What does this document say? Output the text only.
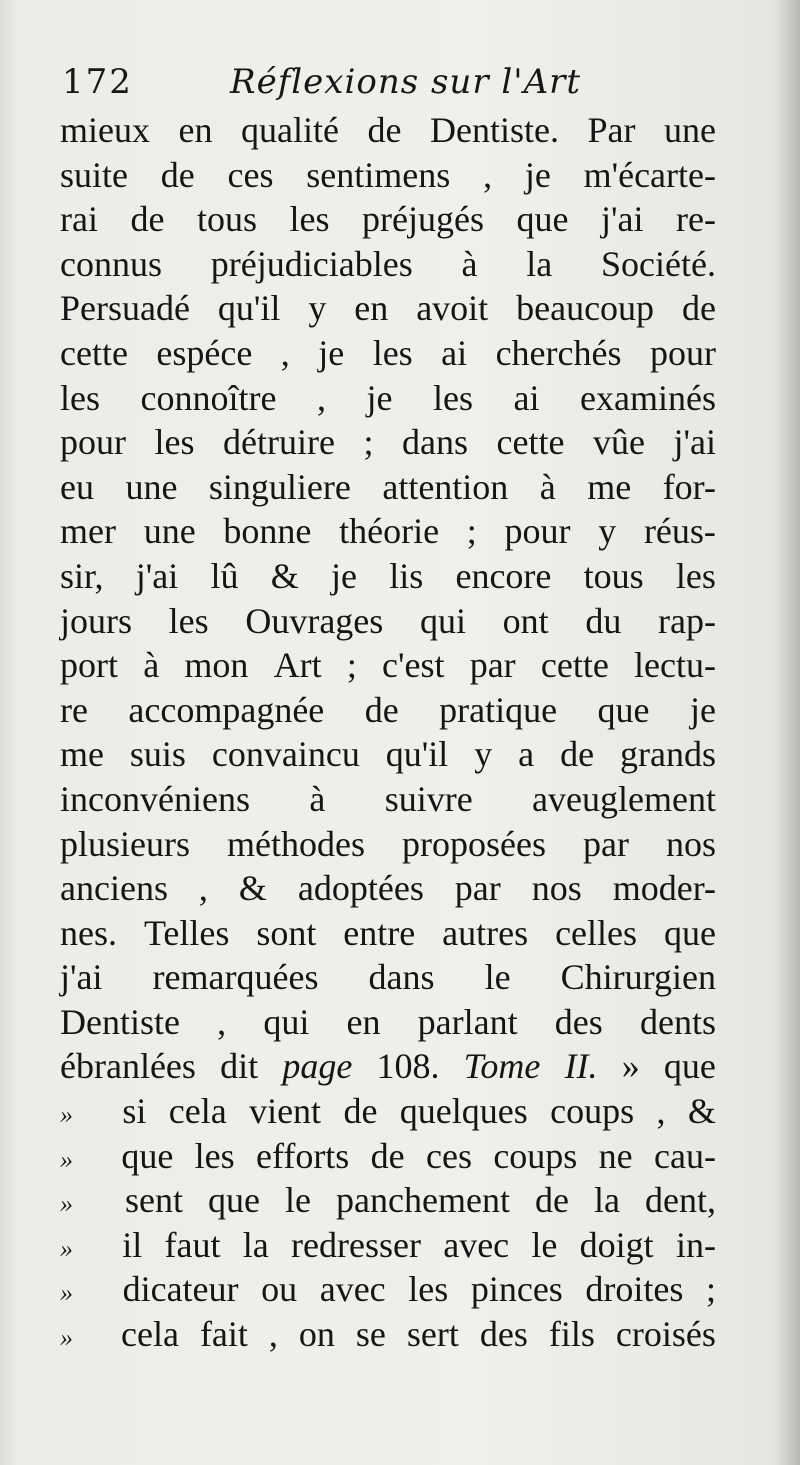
172	Réflexions sur l'Art
mieux en qualité de Dentiste. Par une
suite de ces sentimens , je m'écarte-
rai de tous les préjugés que j'ai re-
connus préjudiciables à la Société.
Persuadé qu'il y en avoit beaucoup de
cette espéce , je les ai cherchés pour
les connoître , je les ai examinés
pour les détruire ; dans cette vûe j'ai
eu une singuliere attention à me for-
mer une bonne théorie ; pour y réus-
sir, j'ai lû & je lis encore tous les
jours les Ouvrages qui ont du rap-
port à mon Art ; c'est par cette lectu-
re accompagnée de pratique que je
me suis convaincu qu'il y a de grands
inconvéniens à suivre aveuglement
plusieurs méthodes proposées par nos
anciens , & adoptées par nos moder-
nes. Telles sont entre autres celles que
j'ai remarquées dans le Chirurgien
Dentiste , qui en parlant des dents
ébranlées dit page 108. Tome II. » que
»	si cela vient de quelques coups , &
»	que les efforts de ces coups ne cau-
»	sent que le panchement de la dent,
»	il faut la redresser avec le doigt in-
»	dicateur ou avec les pinces droites ;
»	cela fait , on se sert des fils croisés
